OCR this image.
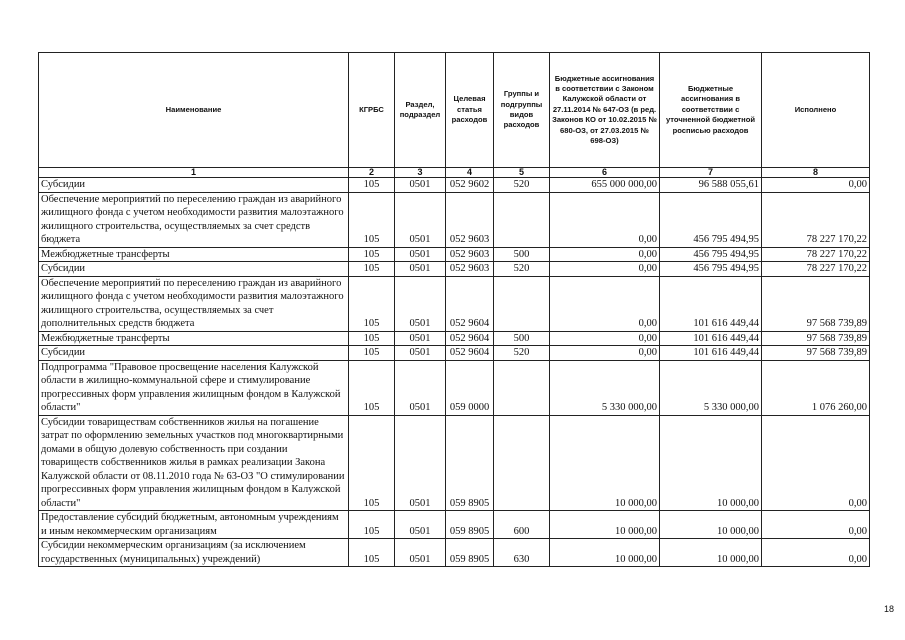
Наименование	КГРБС	Раздел, подраздел	Целевая статья расходов	Группы и подгруппы видов расходов	Бюджетные ассигнования в соответствии с Законом Калужской области от 27.11.2014 № 647-ОЗ (в ред. Законов КО от 10.02.2015 № 680-ОЗ, от 27.03.2015 № 698-ОЗ)	Бюджетные ассигнования в соответствии с уточненной бюджетной росписью расходов	Исполнено
1	2	3	4	5	6	7	8
Субсидии	105	0501	052 9602	520	655 000 000,00	96 588 055,61	0,00
Обеспечение мероприятий по переселению граждан из аварийного жилищного фонда с учетом необходимости развития малоэтажного жилищного строительства, осуществляемых за счет средств бюджета	105	0501	052 9603		0,00	456 795 494,95	78 227 170,22
Межбюджетные трансферты	105	0501	052 9603	500	0,00	456 795 494,95	78 227 170,22
Субсидии	105	0501	052 9603	520	0,00	456 795 494,95	78 227 170,22
Обеспечение мероприятий по переселению граждан из аварийного жилищного фонда с учетом необходимости развития малоэтажного жилищного строительства, осуществляемых за счет дополнительных средств бюджета	105	0501	052 9604		0,00	101 616 449,44	97 568 739,89
Межбюджетные трансферты	105	0501	052 9604	500	0,00	101 616 449,44	97 568 739,89
Субсидии	105	0501	052 9604	520	0,00	101 616 449,44	97 568 739,89
Подпрограмма "Правовое просвещение населения Калужской области в жилищно-коммунальной сфере и стимулирование прогрессивных форм управления жилищным фондом в Калужской области"	105	0501	059 0000		5 330 000,00	5 330 000,00	1 076 260,00
Субсидии товариществам собственников жилья на погашение затрат по оформлению земельных участков под многоквартирными домами в общую долевую собственность при создании товариществ собственников жилья в рамках реализации Закона Калужской области от 08.11.2010 года № 63-ОЗ "О стимулировании прогрессивных форм управления жилищным фондом в Калужской области"	105	0501	059 8905		10 000,00	10 000,00	0,00
Предоставление субсидий бюджетным, автономным учреждениям и иным некоммерческим организациям	105	0501	059 8905	600	10 000,00	10 000,00	0,00
Субсидии некоммерческим организациям (за исключением государственных (муниципальных) учреждений)	105	0501	059 8905	630	10 000,00	10 000,00	0,00
18
